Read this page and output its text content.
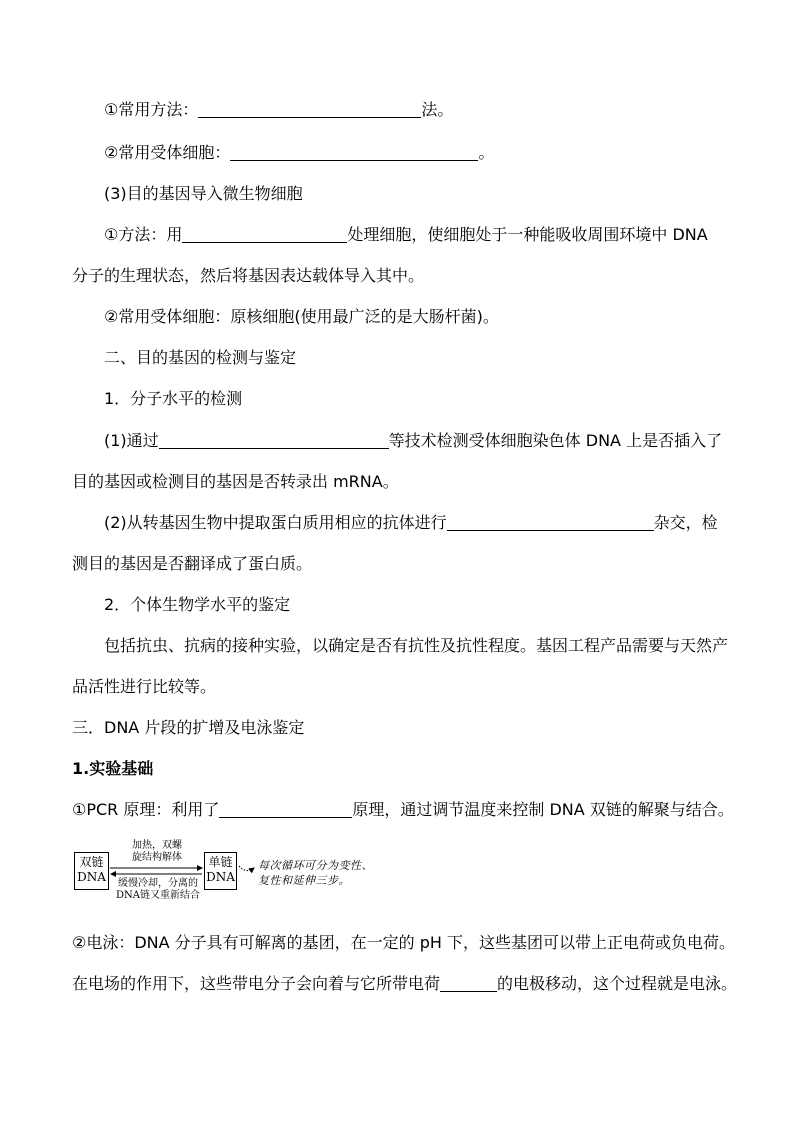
①常用方法：	法。
②常用受体细胞：	。
(3)目的基因导入微生物细胞
①方法：用	处理细胞，使细胞处于一种能吸收周围环境中 DNA
分子的生理状态，然后将基因表达载体导入其中。
②常用受体细胞：原核细胞(使用最广泛的是大肠杆菌)。
二、目的基因的检测与鉴定
1．分子水平的检测
(1)通过	等技术检测受体细胞染色体 DNA 上是否插入了
目的基因或检测目的基因是否转录出 mRNA。
(2)从转基因生物中提取蛋白质用相应的抗体进行	杂交，检
测目的基因是否翻译成了蛋白质。
2．个体生物学水平的鉴定
包括抗虫、抗病的接种实验，以确定是否有抗性及抗性程度。基因工程产品需要与天然产
品活性进行比较等。
三．DNA 片段的扩增及电泳鉴定
1.实验基础
①PCR 原理：利用了	原理，通过调节温度来控制 DNA 双链的解聚与结合。
双链
DNA
单链
DNA
加热，双螺
旋结构解体
缓慢冷却，分离的
DNA链又重新结合
每次循环可分为变性、
复性和延伸三步。
②电泳：DNA 分子具有可解离的基团，在一定的 pH 下，这些基团可以带上正电荷或负电荷。
在电场的作用下，这些带电分子会向着与它所带电荷	的电极移动，这个过程就是电泳。
